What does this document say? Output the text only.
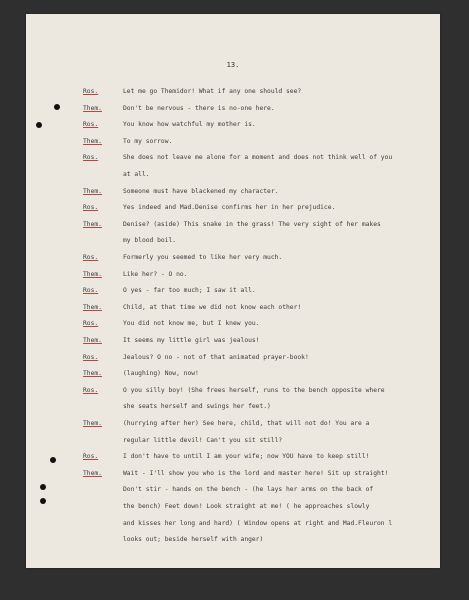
13.
Ros.	Let me go Themidor! What if any one should see?
Them.	Don't be nervous - there is no-one here.
Ros.	You know how watchful my mother is.
Them.	To my sorrow.
Ros.	She does not leave me alone for a moment and does not think well of you
at all.
Them.	Someone must have blackened my character.
Ros.	Yes indeed and Mad.Denise confirms her in her prejudice.
Them.	Denise? (aside) This snake in the grass! The very sight of her makes
my blood boil.
Ros.	Formerly you seemed to like her very much.
Them.	Like her? - O no.
Ros.	O yes - far too much; I saw it all.
Them.	Child, at that time we did not know each other!
Ros.	You did not know me, but I knew you.
Them.	It seems my little girl was jealous!
Ros.	Jealous? O no - not of that animated prayer-book!
Them.	(laughing) Now, now!
Ros.	O you silly boy! (She frees herself, runs to the bench opposite where
she seats herself and swings her feet.)
Them.	(hurrying after her) See here, child, that will not do! You are a
regular little devil! Can't you sit still?
Ros.	I don't have to until I am your wife; now YOU have to keep still!
Them.	Wait - I'll show you who is the lord and master here! Sit up straight!
Don't stir - hands on the bench - (he lays her arms on the back of
the bench) Feet down! Look straight at me! ( he approaches slowly
and kisses her long and hard) ( Window opens at right and Mad.Fleuron l
looks out; beside herself with anger)
